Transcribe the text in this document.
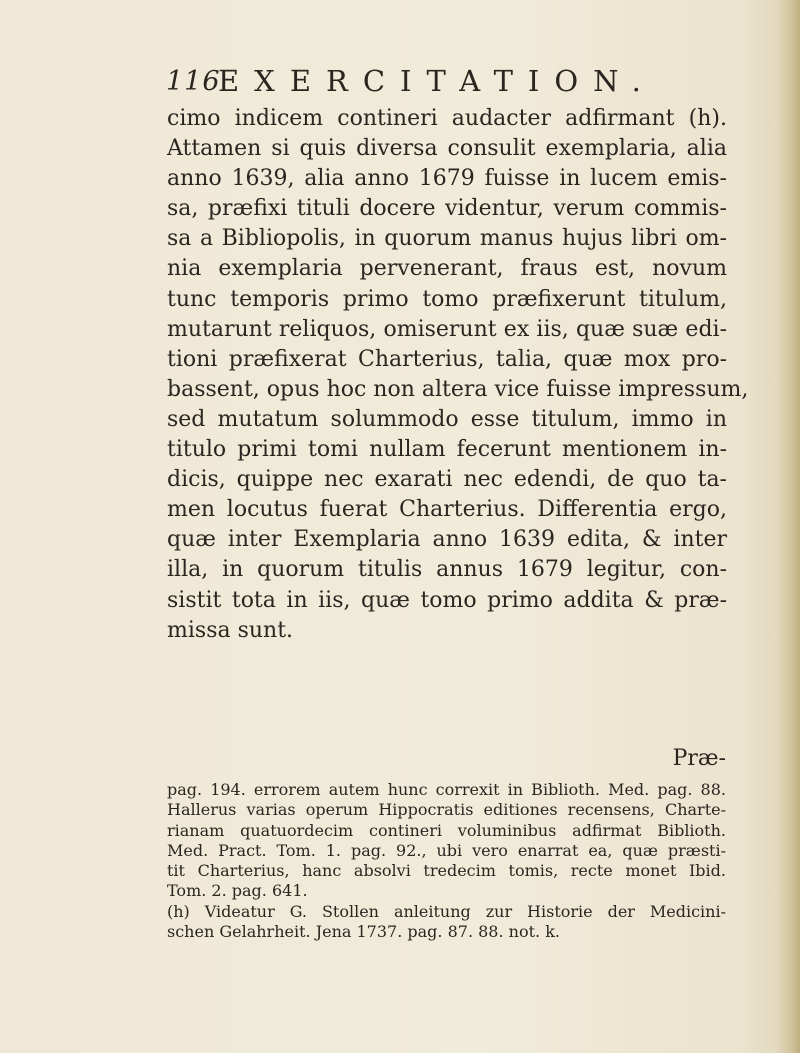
116
EXERCITATION.
cimo indicem contineri audacter adfirmant (h).
Attamen si quis diversa consulit exemplaria, alia
anno 1639, alia anno 1679 fuisse in lucem emis-
sa, præfixi tituli docere videntur, verum commis-
sa a Bibliopolis, in quorum manus hujus libri om-
nia exemplaria pervenerant, fraus est, novum
tunc temporis primo tomo præfixerunt titulum,
mutarunt reliquos, omiserunt ex iis, quæ suæ edi-
tioni præfixerat Charterius, talia, quæ mox pro-
bassent, opus hoc non altera vice fuisse impressum,
sed mutatum solummodo esse titulum, immo in
titulo primi tomi nullam fecerunt mentionem in-
dicis, quippe nec exarati nec edendi, de quo ta-
men locutus fuerat Charterius. Differentia ergo,
quæ inter Exemplaria anno 1639 edita, & inter
illa, in quorum titulis annus 1679 legitur, con-
sistit tota in iis, quæ tomo primo addita & præ-
missa sunt.
Præ-
pag. 194. errorem autem hunc correxit in Biblioth. Med. pag. 88.
Hallerus varias operum Hippocratis editiones recensens, Charte-
rianam quatuordecim contineri voluminibus adfirmat Biblioth.
Med. Pract. Tom. 1. pag. 92., ubi vero enarrat ea, quæ præsti-
tit Charterius, hanc absolvi tredecim tomis, recte monet Ibid.
Tom. 2. pag. 641.
(h) Videatur G. Stollen anleitung zur Historie der Medicini-
schen Gelahrheit. Jena 1737. pag. 87. 88. not. k.
